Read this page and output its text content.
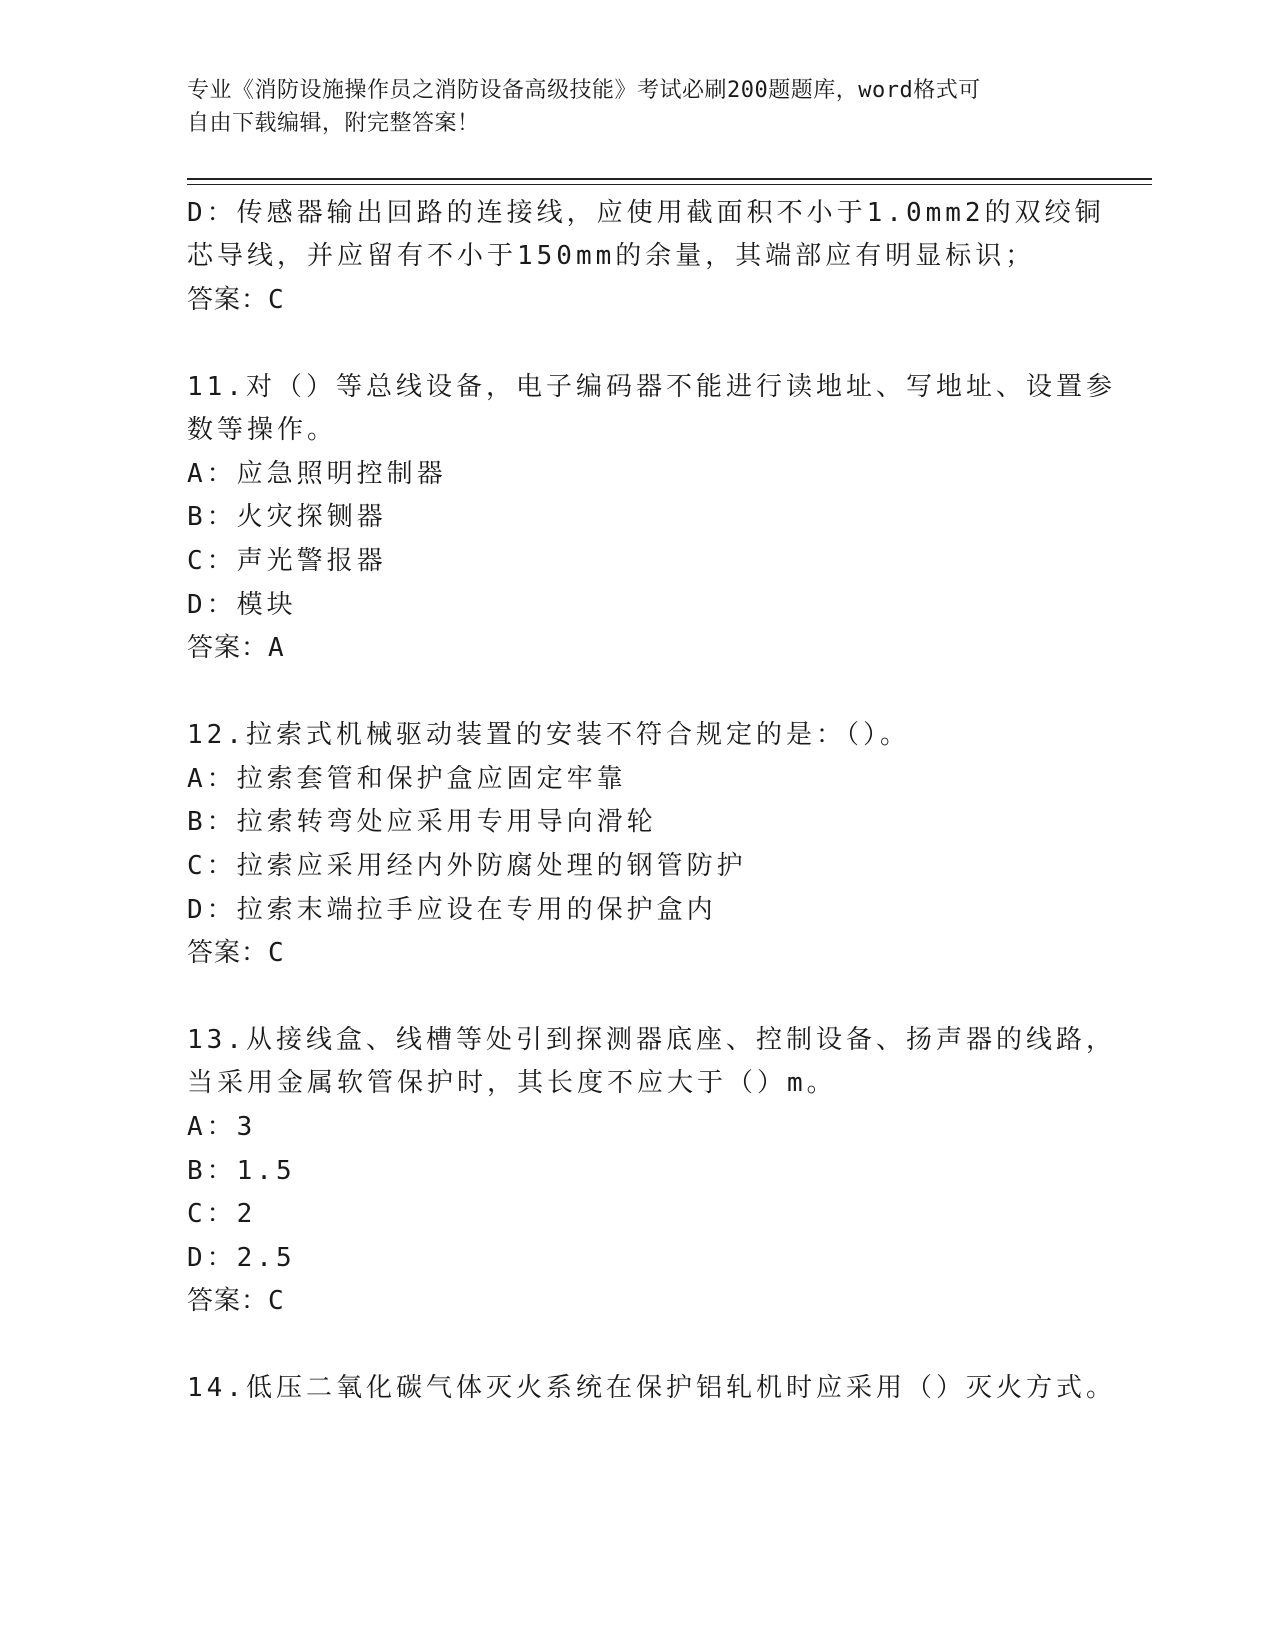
专业《消防设施操作员之消防设备高级技能》考试必刷200题题库，word格式可
自由下载编辑，附完整答案！
D：传感器输出回路的连接线，应使用截面积不小于1.0mm2的双绞铜
芯导线，并应留有不小于150mm的余量，其端部应有明显标识；
答案：C
11.对（）等总线设备，电子编码器不能进行读地址、写地址、设置参
数等操作。
A：应急照明控制器
B：火灾探铡器
C：声光警报器
D：模块
答案：A
12.拉索式机械驱动装置的安装不符合规定的是：（）。
A：拉索套管和保护盒应固定牢靠
B：拉索转弯处应采用专用导向滑轮
C：拉索应采用经内外防腐处理的钢管防护
D：拉索末端拉手应设在专用的保护盒内
答案：C
13.从接线盒、线槽等处引到探测器底座、控制设备、扬声器的线路，
当采用金属软管保护时，其长度不应大于（）m。
A：3
B：1.5
C：2
D：2.5
答案：C
14.低压二氧化碳气体灭火系统在保护铝轧机时应采用（）灭火方式。
